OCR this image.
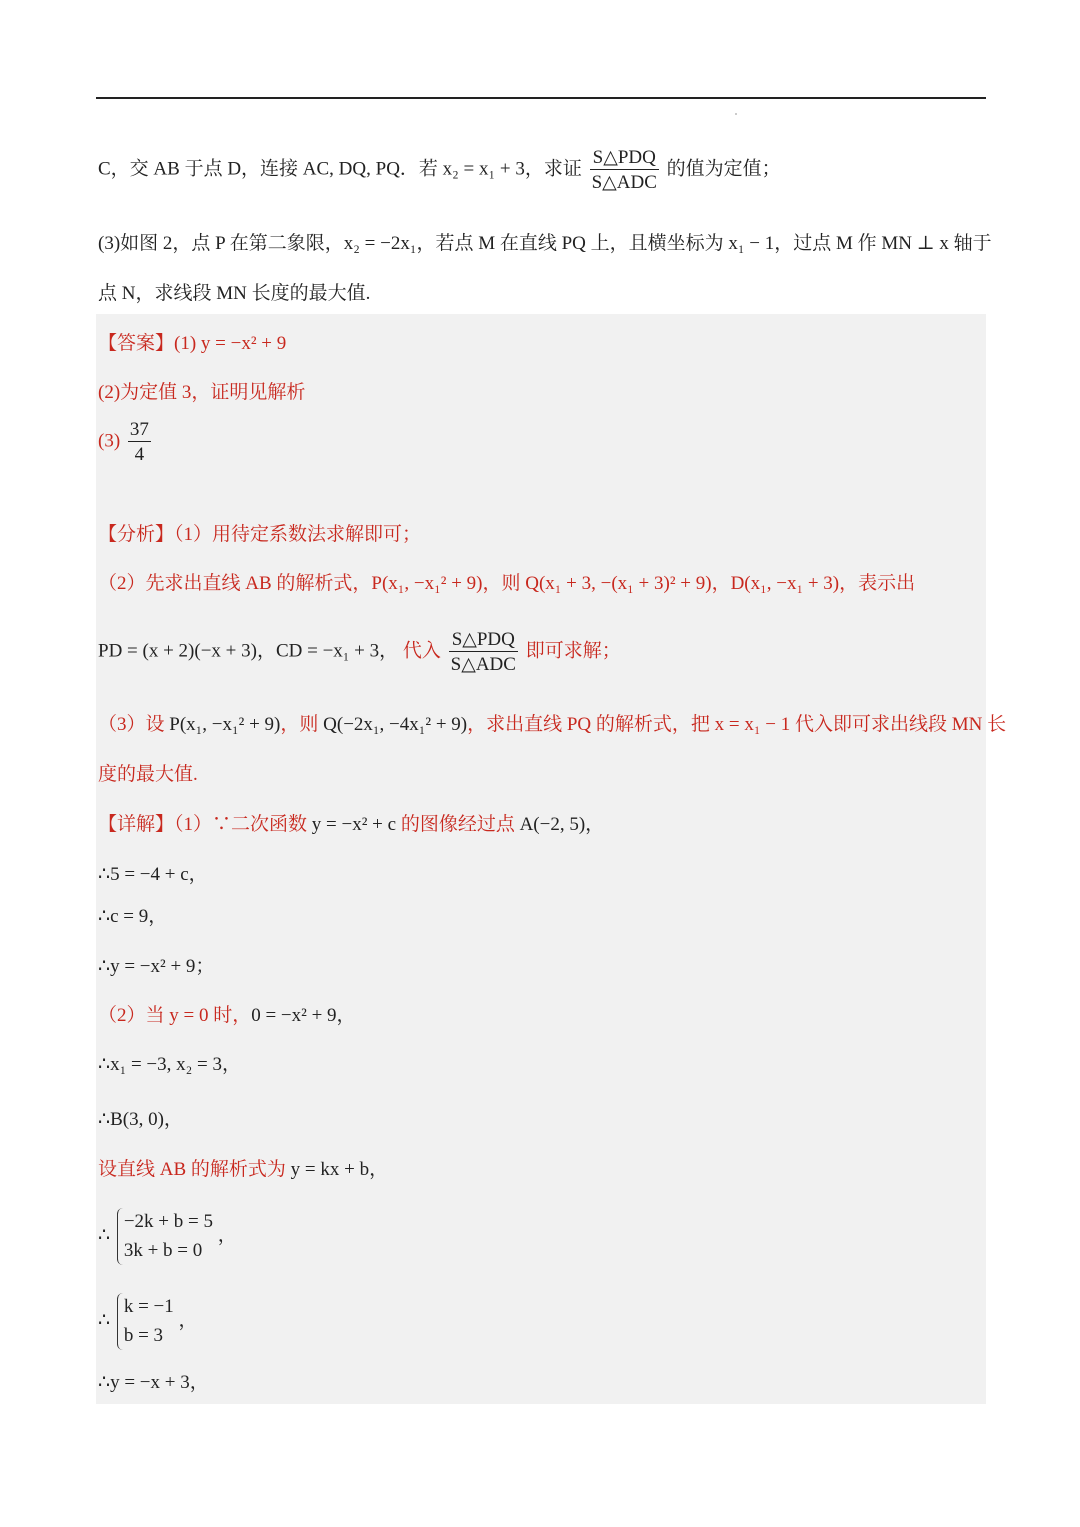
C，交 AB 于点 D，连接 AC, DQ, PQ．若 x₂ = x₁ + 3，求证 $\frac{\text{S△PDQ}}{\text{S△ADC}}$ 的值为定值；
(3)如图 2，点 P 在第二象限，x₂ = −2x₁，若点 M 在直线 PQ 上，且横坐标为 x₁ − 1，过点 M 作 MN ⊥ x 轴于
点 N，求线段 MN 长度的最大值.
【答案】(1) y = −x² + 9
(2)为定值 3，证明见解析
$(3) \frac{37}{4}$
【分析】（1）用待定系数法求解即可；
（2）先求出直线 AB 的解析式，P(x₁, −x₁² + 9)，则 Q(x₁ + 3, −(x₁ + 3)² + 9)，D(x₁, −x₁ + 3)，表示出
PD = (x + 2)(−x + 3)，CD = −x₁ + 3， 代入 $\frac{\text{S△PDQ}}{\text{S△ADC}}$ 即可求解；
（3）设 P(x₁, −x₁² + 9)，则 Q(−2x₁, −4x₁² + 9)，求出直线 PQ 的解析式，把 x = x₁ − 1 代入即可求出线段 MN 长
度的最大值.
【详解】（1）∵二次函数 y = −x² + c 的图像经过点 A(−2, 5)，
∴5 = −4 + c，
∴c = 9，
∴y = −x² + 9；
（2）当 y = 0 时，0 = −x² + 9，
∴x₁ = −3, x₂ = 3，
∴B(3, 0)，
设直线 AB 的解析式为 y = kx + b，
∴
−2k + b = 5
3k + b = 0
，
∴
k = −1
b = 3
，
∴y = −x + 3，
